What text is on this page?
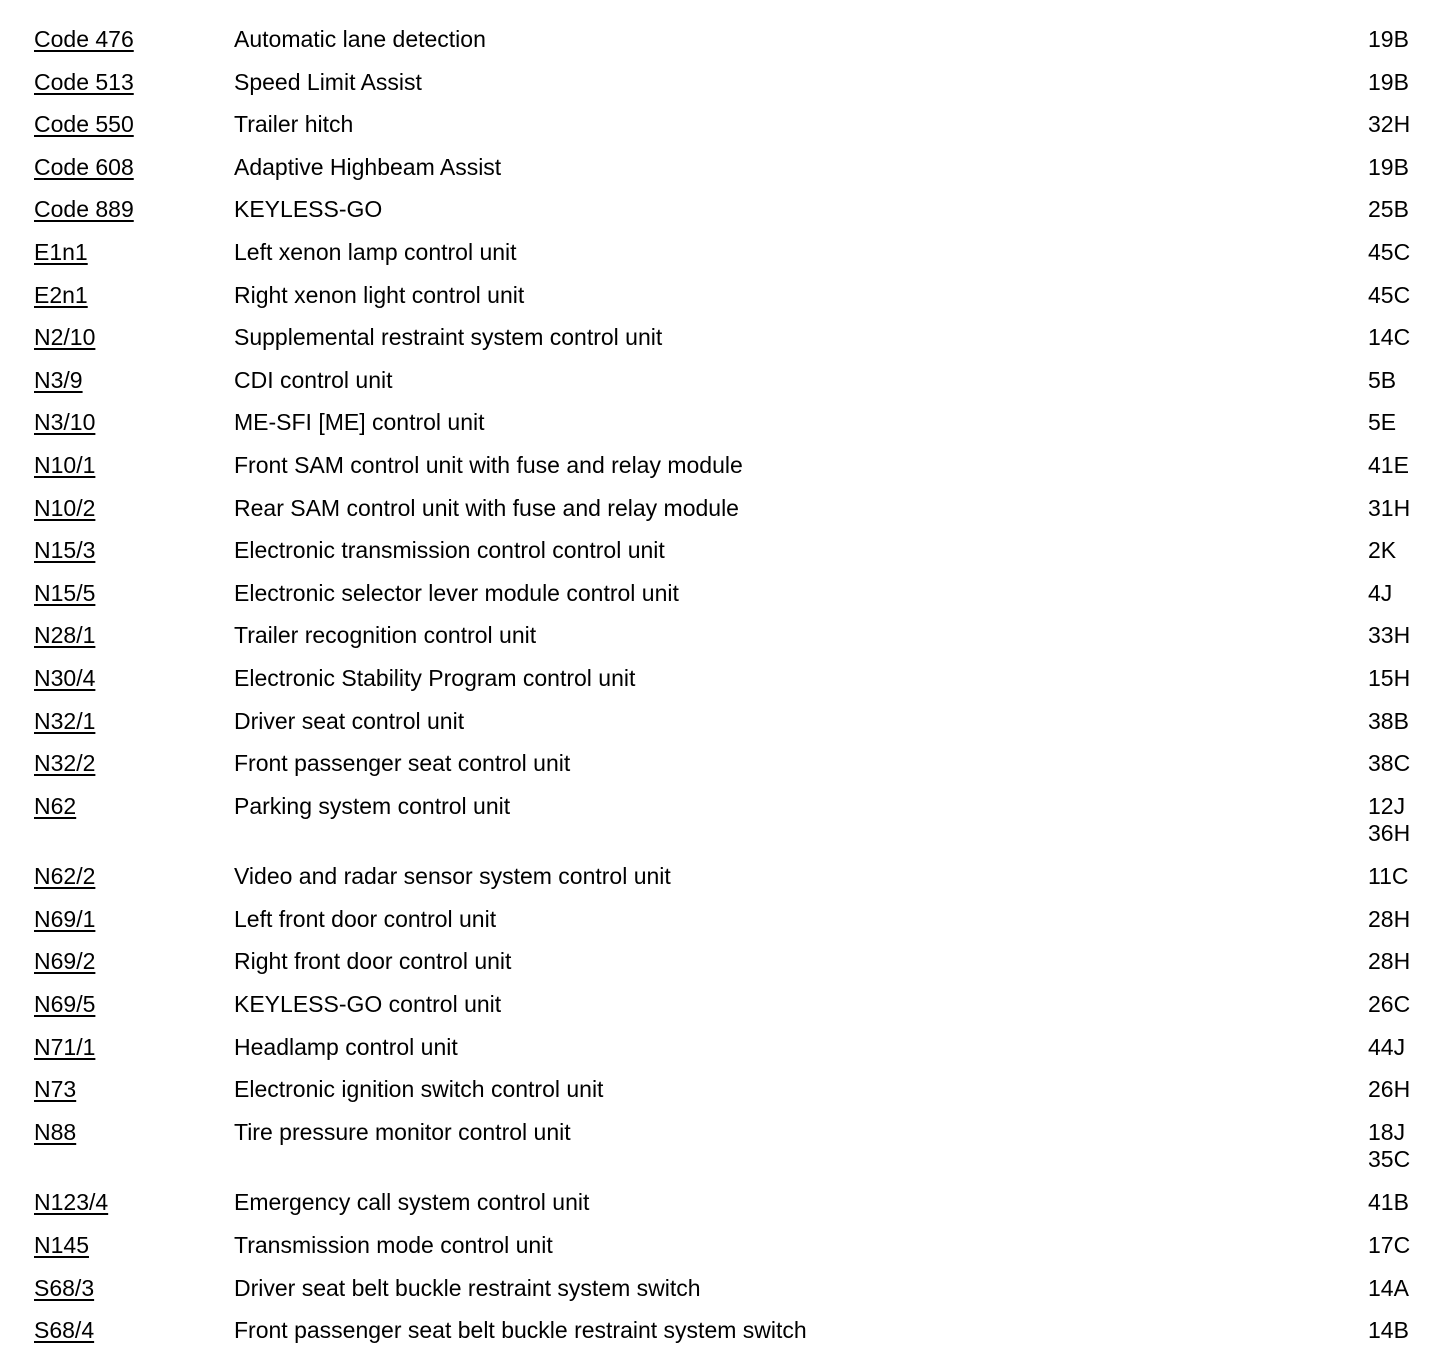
Code 476	Automatic lane detection	19B
Code 513	Speed Limit Assist	19B
Code 550	Trailer hitch	32H
Code 608	Adaptive Highbeam Assist	19B
Code 889	KEYLESS-GO	25B
E1n1	Left xenon lamp control unit	45C
E2n1	Right xenon light control unit	45C
N2/10	Supplemental restraint system control unit	14C
N3/9	CDI control unit	5B
N3/10	ME-SFI [ME] control unit	5E
N10/1	Front SAM control unit with fuse and relay module	41E
N10/2	Rear SAM control unit with fuse and relay module	31H
N15/3	Electronic transmission control control unit	2K
N15/5	Electronic selector lever module control unit	4J
N28/1	Trailer recognition control unit	33H
N30/4	Electronic Stability Program control unit	15H
N32/1	Driver seat control unit	38B
N32/2	Front passenger seat control unit	38C
N62	Parking system control unit	12J
36H
N62/2	Video and radar sensor system control unit	11C
N69/1	Left front door control unit	28H
N69/2	Right front door control unit	28H
N69/5	KEYLESS-GO control unit	26C
N71/1	Headlamp control unit	44J
N73	Electronic ignition switch control unit	26H
N88	Tire pressure monitor control unit	18J
35C
N123/4	Emergency call system control unit	41B
N145	Transmission mode control unit	17C
S68/3	Driver seat belt buckle restraint system switch	14A
S68/4	Front passenger seat belt buckle restraint system switch	14B
